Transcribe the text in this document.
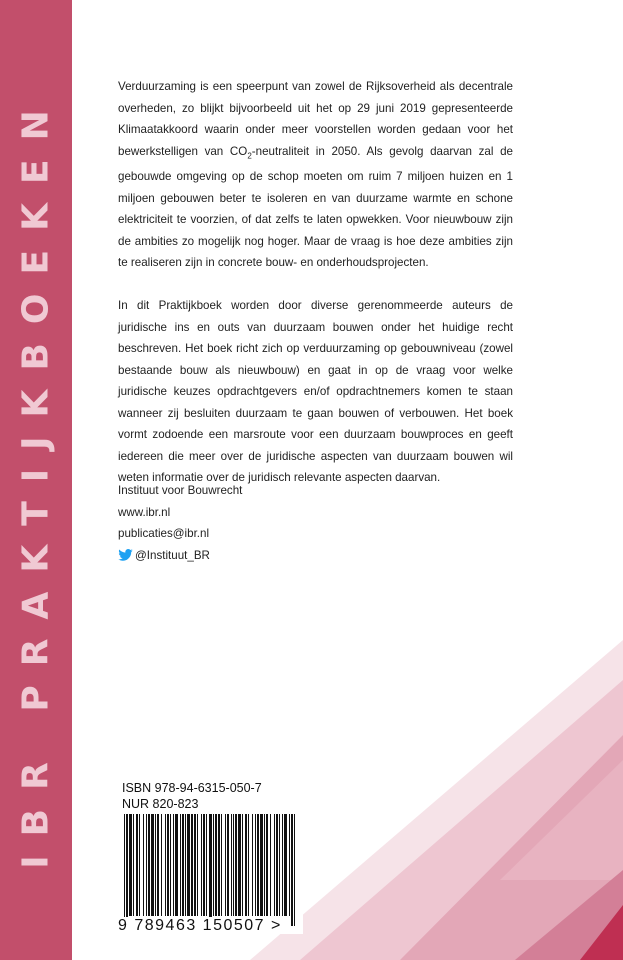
IBR PRAKTIJKBOEKEN

Verduurzaming is een speerpunt van zowel de Rijksoverheid als decentrale overheden, zo blijkt bijvoorbeeld uit het op 29 juni 2019 gepresenteerde Klimaatakkoord waarin onder meer voorstellen worden gedaan voor het bewerkstelligen van $CO_2$-neutraliteit in 2050. Als gevolg daarvan zal de gebouwde omgeving op de schop moeten om ruim 7 miljoen huizen en 1 miljoen gebouwen beter te isoleren en van duurzame warmte en schone elektriciteit te voorzien, of dat zelfs te laten opwekken. Voor nieuwbouw zijn de ambities zo mogelijk nog hoger. Maar de vraag is hoe deze ambities zijn te realiseren zijn in concrete bouw- en onderhoudsprojecten.

In dit Praktijkboek worden door diverse gerenommeerde auteurs de juridische ins en outs van duurzaam bouwen onder het huidige recht beschreven. Het boek richt zich op verduurzaming op gebouwniveau (zowel bestaande bouw als nieuwbouw) en gaat in op de vraag voor welke juridische keuzes opdrachtgevers en/of opdrachtnemers komen te staan wanneer zij besluiten duurzaam te gaan bouwen of verbouwen. Het boek vormt zodoende een marsroute voor een duurzaam bouwproces en geeft iedereen die meer over de juridische aspecten van duurzaam bouwen wil weten informatie over de juridisch relevante aspecten daarvan.

Instituut voor Bouwrecht
www.ibr.nl
publicaties@ibr.nl
@Instituut_BR
ISBN 978-94-6315-050-7
NUR 820-823
9 789463 150507 >
